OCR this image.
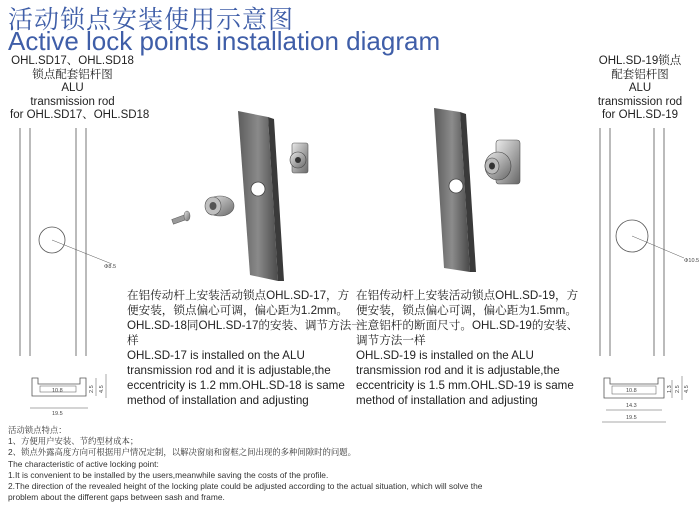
活动锁点安装使用示意图
Active lock points installation diagram
OHL.SD17、OHL.SD18
锁点配套铝杆图
ALU
transmission rod
for OHL.SD17、OHL.SD18
OHL.SD-19锁点
配套铝杆图
ALU
transmission rod
for OHL.SD-19
Φ8.5
10.8
19.5
2.5 4.5
Φ10.5
10.8
14.3
19.5
1.3 2.5 4.5
在铝传动杆上安装活动锁点OHL.SD-17，方
便安装，锁点偏心可调，偏心距为1.2mm。
OHL.SD-18同OHL.SD-17的安装、调节方法一
样
OHL.SD-17 is installed on the ALU
transmission rod and it is adjustable,the
eccentricity is 1.2 mm.OHL.SD-18 is same
method of installation and adjusting
在铝传动杆上安装活动锁点OHL.SD-19，方
便安装，锁点偏心可调，偏心距为1.5mm。
注意铝杆的断面尺寸。OHL.SD-19的安装、
调节方法一样
OHL.SD-19 is installed on the ALU
transmission rod and it is adjustable,the
eccentricity is 1.5 mm.OHL.SD-19 is same
method of installation and adjusting
活动锁点特点：
1、方便用户安装、节约型材成本；
2、锁点外露高度方向可根据用户情况定制，以解决窗扇和窗框之间出现的多种间隙时的问题。
The characteristic of active locking point:
1.It is convenient to be installed by the users,meanwhile saving the costs of the profile.
2.The direction of the revealed height of the locking plate could be adjusted according to the actual situation, which will solve the
problem about the different gaps between sash and frame.
